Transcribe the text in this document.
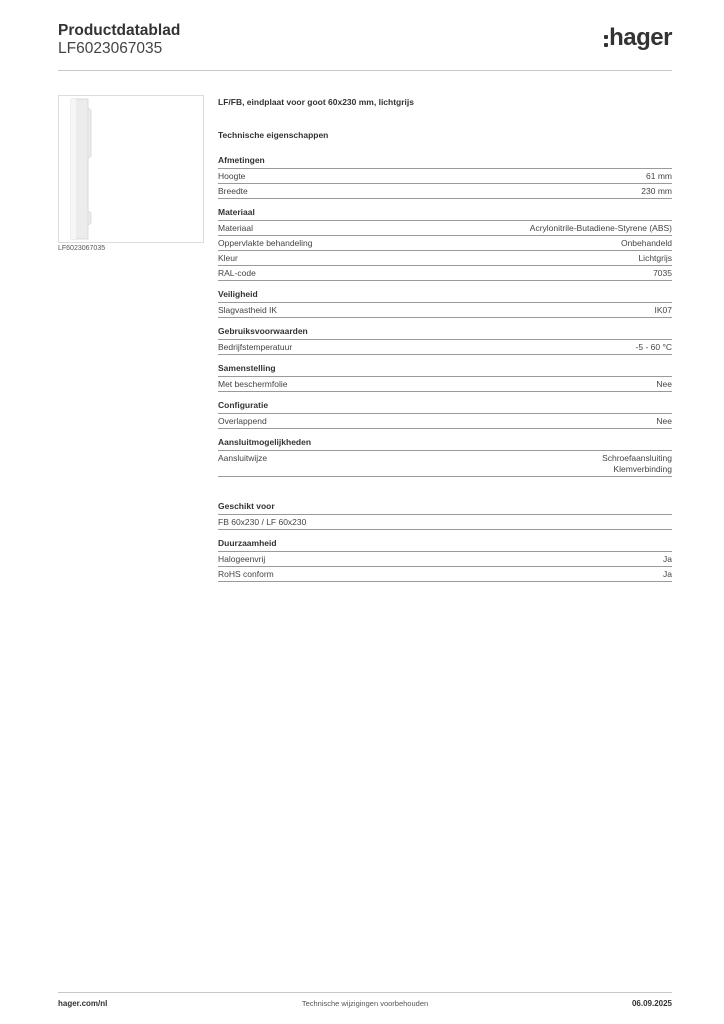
Productdatablad
LF6023067035	hager
LF6023067035
LF/FB, eindplaat voor goot 60x230 mm, lichtgrijs
Technische eigenschappen
Afmetingen
Hoogte	61 mm
Breedte	230 mm
Materiaal
Materiaal	Acrylonitrile-Butadiene-Styrene (ABS)
Oppervlakte behandeling	Onbehandeld
Kleur	Lichtgrijs
RAL-code	7035
Veiligheid
Slagvastheid IK	IK07
Gebruiksvoorwaarden
Bedrijfstemperatuur	-5 - 60 °C
Samenstelling
Met beschermfolie	Nee
Configuratie
Overlappend	Nee
Aansluitmogelijkheden
Aansluitwijze	Schroefaansluiting
Klemverbinding
Geschikt voor
FB 60x230 / LF 60x230
Duurzaamheid
Halogeenvrij	Ja
RoHS conform	Ja
hager.com/nl	Technische wijzigingen voorbehouden	06.09.2025
